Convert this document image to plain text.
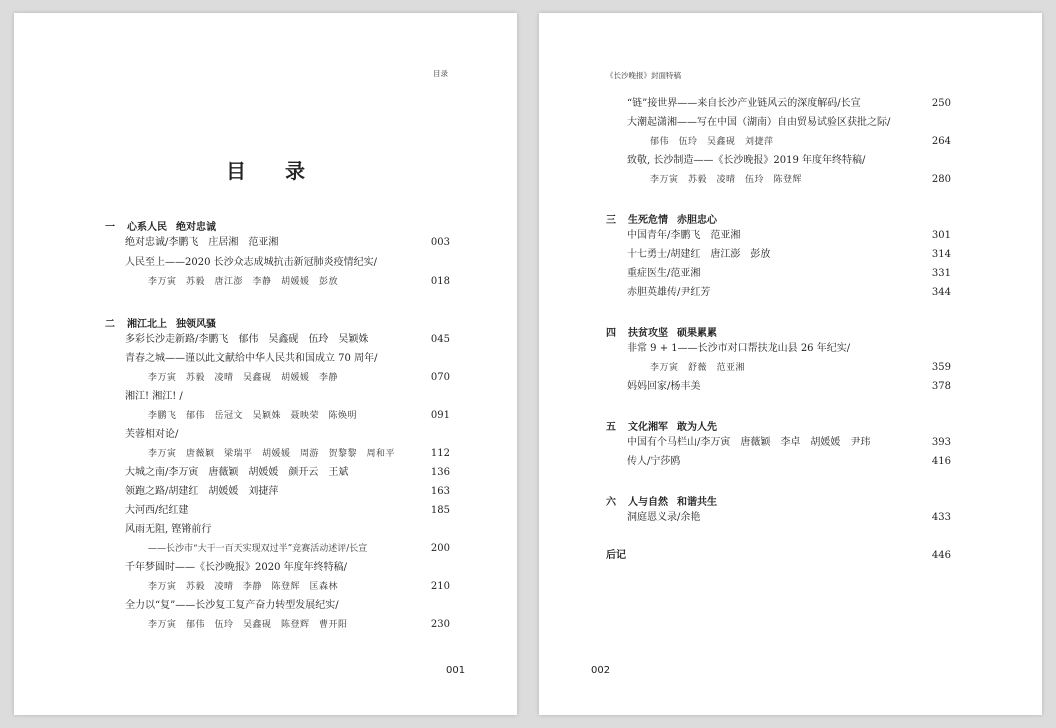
目录
目 录
一 心系人民 绝对忠诚
绝对忠诚/李鹏飞　庄居湘　范亚湘	003
人民至上——2020 长沙众志成城抗击新冠肺炎疫情纪实/
李万寅　苏毅　唐江澎　李静　胡媛媛　彭放	018
二 湘江北上 独领风骚
多彩长沙走新路/李鹏飞　郁伟　吴鑫砚　伍玲　吴颖姝	045
青春之城——谨以此文献给中华人民共和国成立 70 周年/
李万寅　苏毅　凌晴　吴鑫砚　胡媛媛　李静	070
湘江! 湘江! /
李鹏飞　郁伟　岳冠文　吴颖姝　聂映荣　陈焕明	091
芙蓉相对论/
李万寅　唐薇颖　梁瑞平　胡媛媛　周游　贺黎黎　周和平	112
大城之南/李万寅　唐薇颖　胡媛媛　颜开云　王斌	136
领跑之路/胡建红　胡媛媛　刘捷萍	163
大河西/纪红建	185
风雨无阻, 铿锵前行
——长沙市“大干一百天实现双过半”竞赛活动述评/长宣	200
千年梦圆时——《长沙晚报》2020 年度年终特稿/
李万寅　苏毅　凌晴　李静　陈登辉　匡森林	210
全力以“复”——长沙复工复产奋力转型发展纪实/
李万寅　郁伟　伍玲　吴鑫砚　陈登辉　曹开阳	230
001
《长沙晚报》封面特稿
“链”接世界——来自长沙产业链风云的深度解码/长宣	250
大潮起潇湘——写在中国（湖南）自由贸易试验区获批之际/
郁伟　伍玲　吴鑫砚　刘捷萍	264
致敬, 长沙制造——《长沙晚报》2019 年度年终特稿/
李万寅　苏毅　凌晴　伍玲　陈登辉	280
三 生死危情 赤胆忠心
中国青年/李鹏飞　范亚湘	301
十七勇士/胡建红　唐江澎　彭放	314
重症医生/范亚湘	331
赤胆英雄传/尹红芳	344
四 扶贫攻坚 硕果累累
非常 9 + 1——长沙市对口帮扶龙山县 26 年纪实/
李万寅　舒薇　范亚湘	359
妈妈回家/杨丰美	378
五 文化湘军 敢为人先
中国有个马栏山/李万寅　唐薇颖　李卓　胡媛媛　尹玮	393
传人/宁莎鸥	416
六 人与自然 和谐共生
洞庭恩义录/余艳	433
后记	446
002
